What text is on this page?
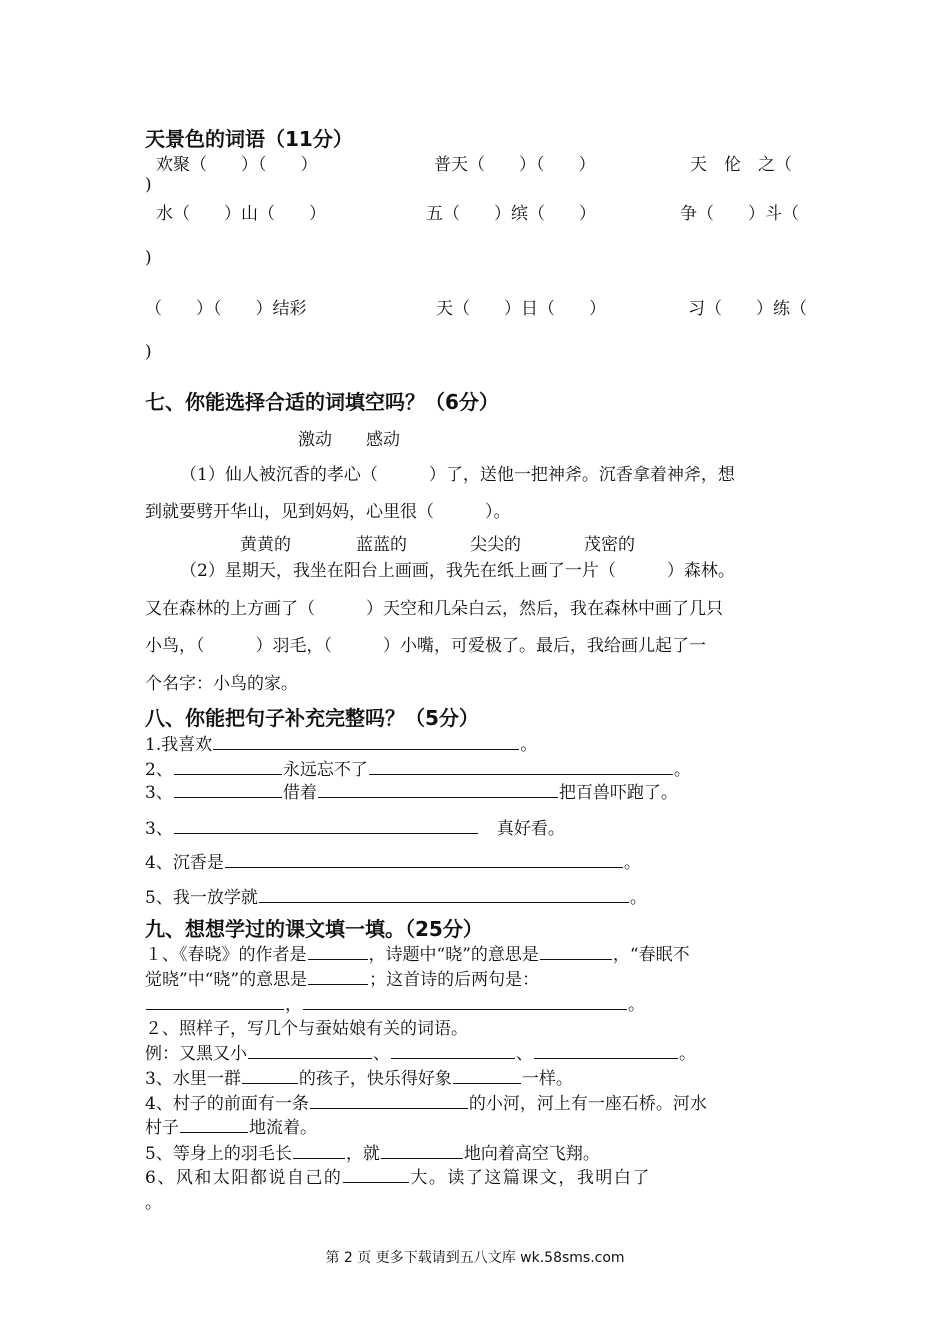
天景色的词语（11分）
欢聚（　　）（　　）	普天（　　）（　　）	天　伦　之（
)
水（　　）山（　　）	五（　　）缤（　　）	争（　　）斗（
)
（　　）（　　）结彩	天（　　）日（　　）	习（　　）练（
)
七、你能选择合适的词填空吗？（6分）
激动 感动
（1）仙人被沉香的孝心（　　　）了，送他一把神斧。沉香拿着神斧，想
到就要劈开华山，见到妈妈，心里很（　　　）。
黄黄的	蓝蓝的	尖尖的	茂密的
（2）星期天，我坐在阳台上画画，我先在纸上画了一片（　　　）森林。
又在森林的上方画了（　　　）天空和几朵白云，然后，我在森林中画了几只
小鸟，（　　　）羽毛，（　　　）小嘴，可爱极了。最后，我给画儿起了一
个名字：小鸟的家。
八、你能把句子补充完整吗？（5分）
1.我喜欢	。
2、	永远忘不了	。
3、	借着	把百兽吓跑了。
3、	真好看。
4、沉香是	。
5、我一放学就	。
九、想想学过的课文填一填。（25分）
１、《春晓》的作者是	，诗题中“晓”的意思是	，“春眠不
觉晓”中“晓”的意思是	；这首诗的后两句是：
，	。
２、照样子，写几个与蚕姑娘有关的词语。
例：又黑又小	、	、	。
3、水里一群	的孩子，快乐得好象	一样。
4、村子的前面有一条	的小河，河上有一座石桥。河水
村子	地流着。
5、等身上的羽毛长	，就	地向着高空飞翔。
6、风和太阳都说自己的	大。读了这篇课文，我明白了
。
第 2 页 更多下载请到五八文库 wk.58sms.com
